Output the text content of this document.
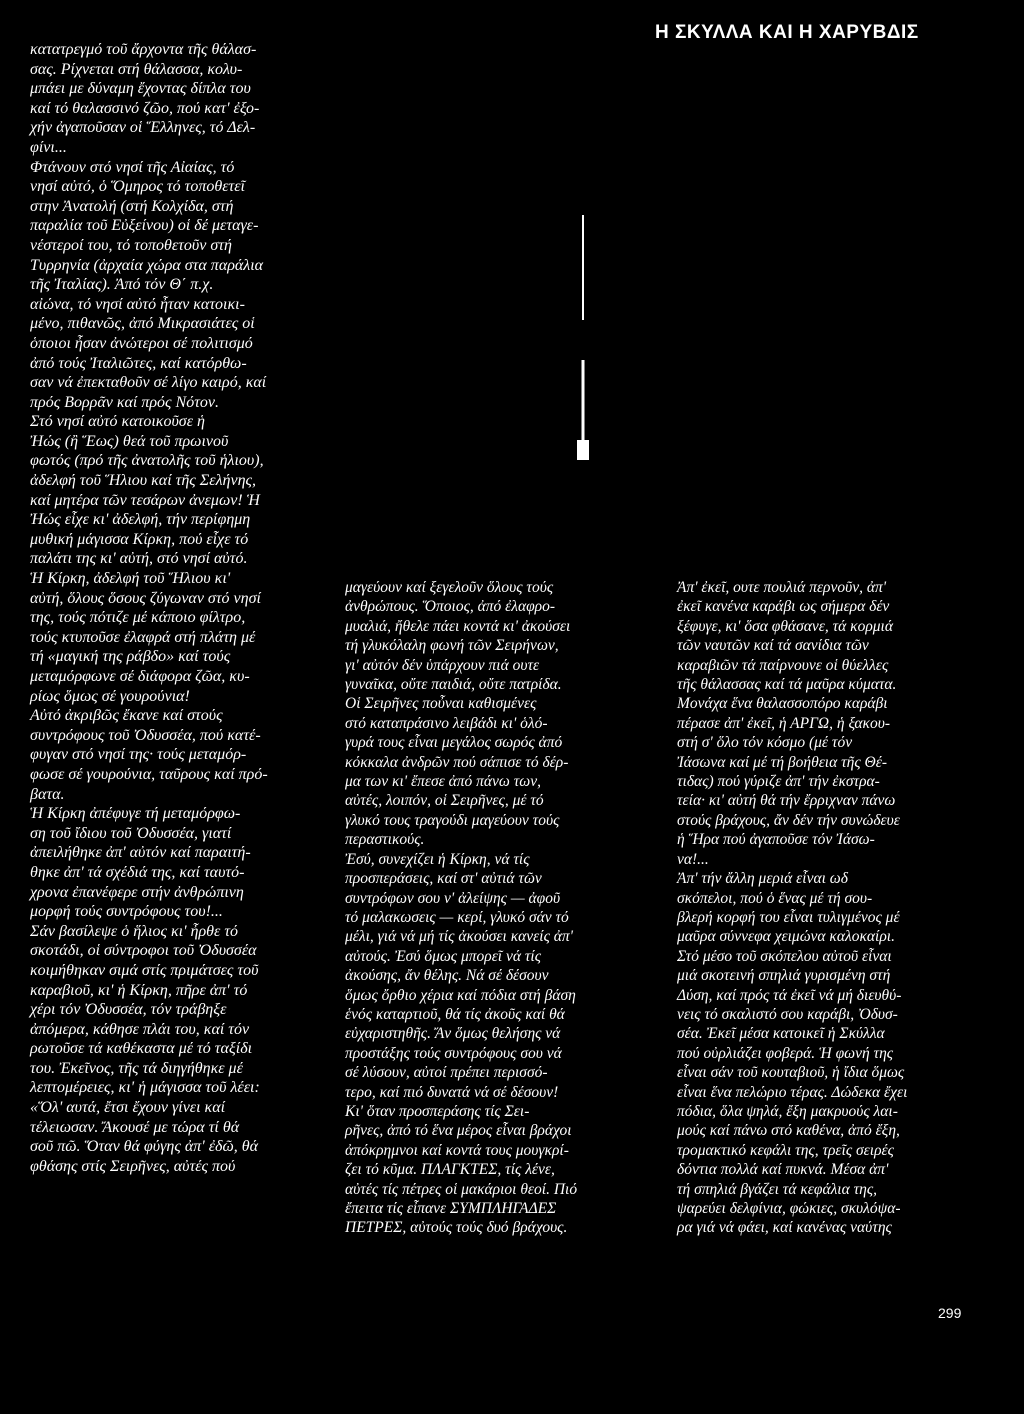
Η ΣΚΥΛΛΑ ΚΑΙ Η ΧΑΡΥΒΔΙΣ
κατατρεγμό τοῦ ἄρχοντα τῆς θάλασ-
σας. Ρίχνεται στή θάλασσα, κολυ-
μπάει με δύναμη ἔχοντας δίπλα του
καί τό θαλασσινό ζῶο, πού κατ' ἐξο-
χήν ἀγαποῦσαν οἱ Ἕλληνες, τό Δελ-
φίνι...
Φτάνουν στό νησί τῆς Αἰαίας, τό
νησί αὐτό, ὁ Ὅμηρος τό τοποθετεῖ
στην Ἀνατολή (στή Κολχίδα, στή
παραλία τοῦ Εὐξείνου) οἱ δέ μεταγε-
νέστεροί του, τό τοποθετοῦν στή
Τυρρηνία (ἀρχαία χώρα στα παράλια
τῆς Ἰταλίας). Ἀπό τόν Θ΄ π.χ.
αἰώνα, τό νησί αὐτό ἦταν κατοικι-
μένο, πιθανῶς, ἀπό Μικρασιάτες οἱ
ὁποιοι ἦσαν ἀνώτεροι σέ πολιτισμό
ἀπό τούς Ἰταλιῶτες, καί κατόρθω-
σαν νά ἐπεκταθοῦν σέ λίγο καιρό, καί
πρός Βορρᾶν καί πρός Νότον.
Στό νησί αὐτό κατοικοῦσε ἡ
Ἠώς (ἢ Ἕως) θεά τοῦ πρωινοῦ
φωτός (πρό τῆς ἀνατολῆς τοῦ ἡλιου),
ἀδελφή τοῦ Ἥλιου καί τῆς Σελήνης,
καί μητέρα τῶν τεσάρων ἀνεμων! Ἡ
Ἠώς εἶχε κι' ἀδελφή, τήν περίφημη
μυθική μάγισσα Κίρκη, πού εἶχε τό
παλάτι της κι' αὐτή, στό νησί αὐτό.
Ἡ Κίρκη, ἀδελφή τοῦ Ἥλιου κι'
αὐτή, ὅλους ὅσους ζύγωναν στό νησί
της, τούς πότιζε μέ κάποιο φίλτρο,
τούς κτυποῦσε ἐλαφρά στή πλάτη μέ
τή «μαγική της ράβδο» καί τούς
μεταμόρφωνε σέ διάφορα ζῶα, κυ-
ρίως ὅμως σέ γουρούνια!
Αὐτό ἀκριβῶς ἔκανε καί στούς
συντρόφους τοῦ Ὀδυσσέα, πού κατέ-
φυγαν στό νησί της· τούς μεταμόρ-
φωσε σέ γουρούνια, ταῦρους καί πρό-
βατα.
Ἡ Κίρκη ἀπέφυγε τή μεταμόρφω-
ση τοῦ ἴδιου τοῦ Ὀδυσσέα, γιατί
ἀπειλήθηκε ἀπ' αὐτόν καί παραιτή-
θηκε ἀπ' τά σχέδιά της, καί ταυτό-
χρονα ἐπανέφερε στήν ἀνθρώπινη
μορφή τούς συντρόφους του!...
Σάν βασίλεψε ὁ ἥλιος κι' ἦρθε τό
σκοτάδι, οἱ σύντροφοι τοῦ Ὀδυσσέα
κοιμήθηκαν σιμά στίς πριμάτσες τοῦ
καραβιοῦ, κι' ἡ Κίρκη, πῆρε ἀπ' τό
χέρι τόν Ὀδυσσέα, τόν τράβηξε
ἀπόμερα, κάθησε πλάι του, καί τόν
ρωτοῦσε τά καθέκαστα μέ τό ταξίδι
του. Ἐκεῖνος, τῆς τά διηγήθηκε μέ
λεπτομέρειες, κι' ἡ μάγισσα τοῦ λέει:
«Ὅλ' αυτά, ἔτσι ἔχουν γίνει καί
τέλειωσαν. Ἄκουσέ με τώρα τί θά
σοῦ πῶ. Ὅταν θά φύγης ἀπ' ἐδῶ, θά
φθάσης στίς Σειρῆνες, αὐτές πού
μαγεύουν καί ξεγελοῦν ὅλους τούς
ἀνθρώπους. Ὅποιος, ἀπό ἐλαφρο-
μυαλιά, ἤθελε πάει κοντά κι' ἀκούσει
τή γλυκόλαλη φωνή τῶν Σειρήνων,
γι' αὐτόν δέν ὑπάρχουν πιά ουτε
γυναῖκα, οὔτε παιδιά, οὔτε πατρίδα.
Οἱ Σειρῆνες ποὖναι καθισμένες
στό καταπράσινο λειβάδι κι' ὁλό-
γυρά τους εἶναι μεγάλος σωρός ἀπό
κόκκαλα ἀνδρῶν πού σάπισε τό δέρ-
μα των κι' ἔπεσε ἀπό πάνω των,
αὐτές, λοιπόν, οἱ Σειρῆνες, μέ τό
γλυκό τους τραγούδι μαγεύουν τούς
περαστικούς.
Ἐσύ, συνεχίζει ἡ Κίρκη, νά τίς
προσπεράσεις, καί στ' αὐτιά τῶν
συντρόφων σου ν' ἀλείψης — ἀφοῦ
τό μαλακωσεις — κερί, γλυκό σάν τό
μέλι, γιά νά μή τίς ἀκούσει κανείς ἀπ'
αὐτούς. Ἐσύ ὅμως μπορεῖ νά τίς
ἀκούσης, ἄν θέλης. Νά σέ δέσουν
ὅμως ὄρθιο χέρια καί πόδια στή βάση
ἑνός καταρτιοῦ, θά τίς ἀκοῦς καί θά
εὐχαριστηθῆς. Ἄν ὅμως θελήσης νά
προστάξης τούς συντρόφους σου νά
σέ λύσουν, αὐτοί πρέπει περισσό-
τερο, καί πιό δυνατά νά σέ δέσουν!
Κι' ὅταν προσπεράσης τίς Σει-
ρῆνες, ἀπό τό ἕνα μέρος εἶναι βράχοι
ἀπόκρημνοι καί κοντά τους μουγκρί-
ζει τό κῦμα. ΠΛΑΓΚΤΕΣ, τίς λένε,
αὐτές τίς πέτρες οἱ μακάριοι θεοί. Πιό
ἔπειτα τίς εἶπανε ΣΥΜΠΛΗΓΑΔΕΣ
ΠΕΤΡΕΣ, αὐτούς τούς δυό βράχους.
Ἀπ' ἐκεῖ, ουτε πουλιά περνοῦν, ἀπ'
ἐκεῖ κανένα καράβι ως σήμερα δέν
ξέφυγε, κι' ὅσα φθάσανε, τά κορμιά
τῶν ναυτῶν καί τά σανίδια τῶν
καραβιῶν τά παίρνουνε οἱ θύελλες
τῆς θάλασσας καί τά μαῦρα κύματα.
Μονάχα ἕνα θαλασσοπόρο καράβι
πέρασε ἀπ' ἐκεῖ, ἡ ΑΡΓΩ, ἡ ξακου-
στή σ' ὅλο τόν κόσμο (μέ τόν
Ἰάσωνα καί μέ τή βοήθεια τῆς Θέ-
τιδας) πού γύριζε ἀπ' τήν ἐκστρα-
τεία· κι' αὐτή θά τήν ἔρριχναν πάνω
στούς βράχους, ἄν δέν τήν συνώδευε
ἡ Ἥρα πού ἀγαποῦσε τόν Ἰάσω-
να!...
Ἀπ' τήν ἄλλη μεριά εἶναι ωδ
σκόπελοι, πού ὁ ἕνας μέ τή σου-
βλερή κορφή του εἶναι τυλιγμένος μέ
μαῦρα σύννεφα χειμώνα καλοκαίρι.
Στό μέσο τοῦ σκόπελου αὐτοῦ εἶναι
μιά σκοτεινή σπηλιά γυρισμένη στή
Δύση, καί πρός τά ἐκεῖ νά μή διευθύ-
νεις τό σκαλιστό σου καράβι, Ὀδυσ-
σέα. Ἐκεῖ μέσα κατοικεῖ ἡ Σκύλλα
πού οὐρλιάζει φοβερά. Ἡ φωνή της
εἶναι σάν τοῦ κουταβιοῦ, ἡ ἴδια ὅμως
εἶναι ἕνα πελώριο τέρας. Δώδεκα ἔχει
πόδια, ὅλα ψηλά, ἔξη μακρυούς λαι-
μούς καί πάνω στό καθένα, ἀπό ἔξη,
τρομακτικό κεφάλι της, τρεῖς σειρές
δόντια πολλά καί πυκνά. Μέσα ἀπ'
τή σπηλιά βγάζει τά κεφάλια της,
ψαρεύει δελφίνια, φώκιες, σκυλόψα-
ρα γιά νά φάει, καί κανένας ναύτης
299
